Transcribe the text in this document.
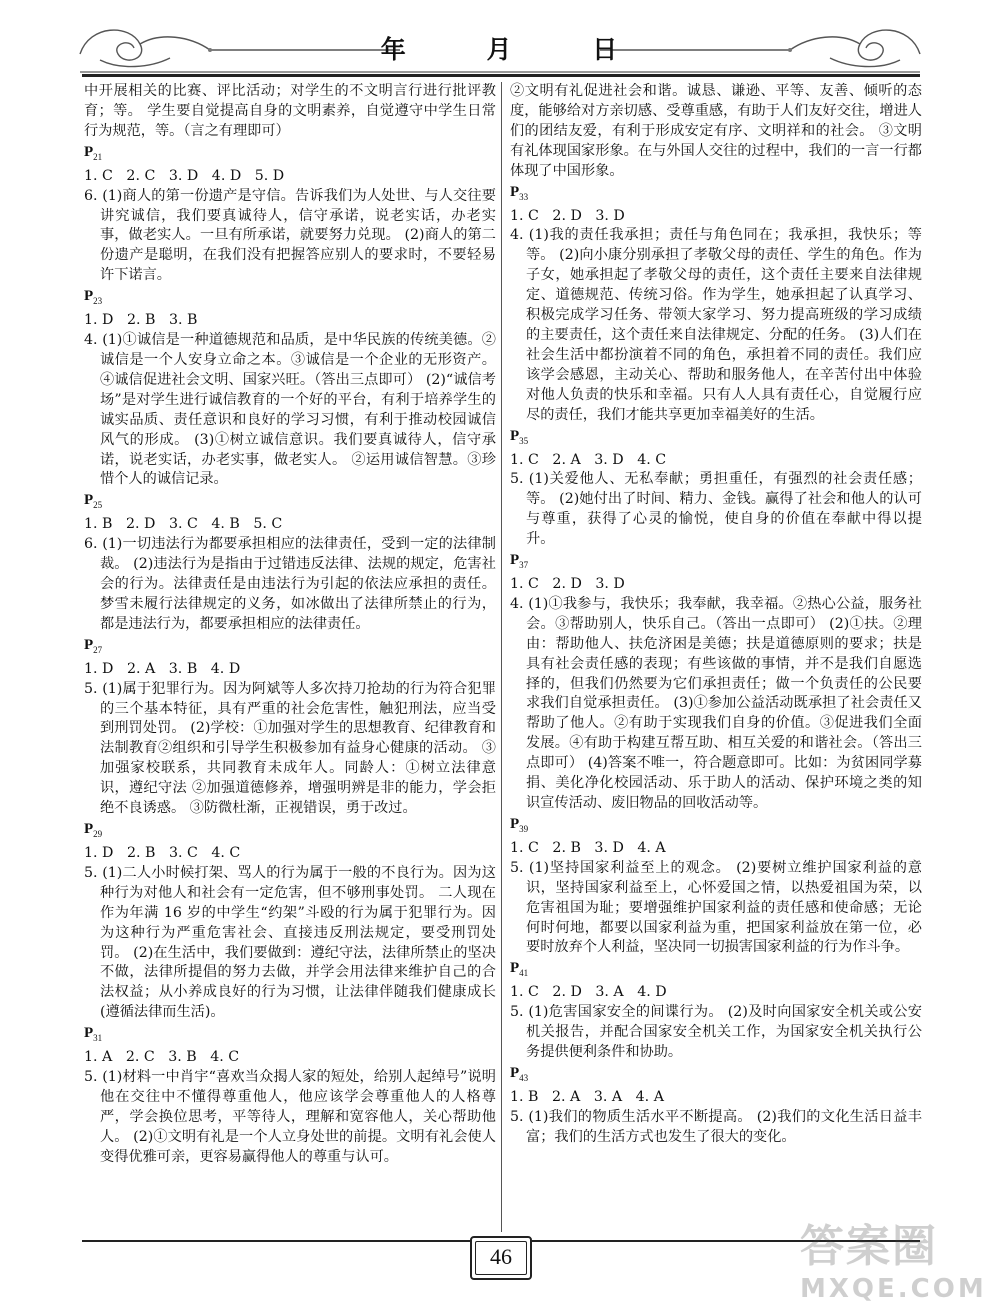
年	月	日

中开展相关的比赛、评比活动；对学生的不文明言行进行批评教育；等。 学生要自觉提高自身的文明素养，自觉遵守中学生日常行为规范，等。（言之有理即可）

$P_{21}$

1. C   2. C   3. D   4. D   5. D

6. (1)商人的第一份遗产是守信。告诉我们为人处世、与人交往要讲究诚信，我们要真诚待人，信守承诺，说老实话，办老实事，做老实人。一旦有所承诺，就要努力兑现。 (2)商人的第二份遗产是聪明，在我们没有把握答应别人的要求时，不要轻易许下诺言。

$P_{23}$

1. D   2. B   3. B

4. (1)①诚信是一种道德规范和品质，是中华民族的传统美德。②诚信是一个人安身立命之本。③诚信是一个企业的无形资产。 ④诚信促进社会文明、国家兴旺。（答出三点即可） (2)“诚信考场”是对学生进行诚信教育的一个好的平台，有利于培养学生的诚实品质、责任意识和良好的学习习惯，有利于推动校园诚信风气的形成。 (3)①树立诚信意识。我们要真诚待人，信守承诺，说老实话，办老实事，做老实人。 ②运用诚信智慧。③珍惜个人的诚信记录。

$P_{25}$

1. B   2. D   3. C   4. B   5. C

6. (1)一切违法行为都要承担相应的法律责任，受到一定的法律制裁。 (2)违法行为是指由于过错违反法律、法规的规定，危害社会的行为。法律责任是由违法行为引起的依法应承担的责任。梦雪未履行法律规定的义务，如冰做出了法律所禁止的行为，都是违法行为，都要承担相应的法律责任。

$P_{27}$

1. D   2. A   3. B   4. D

5. (1)属于犯罪行为。因为阿斌等人多次持刀抢劫的行为符合犯罪的三个基本特征，具有严重的社会危害性，触犯刑法，应当受到刑罚处罚。 (2)学校：①加强对学生的思想教育、纪律教育和法制教育②组织和引导学生积极参加有益身心健康的活动。 ③加强家校联系，共同教育未成年人。同龄人：①树立法律意识，遵纪守法 ②加强道德修养，增强明辨是非的能力，学会拒绝不良诱惑。 ③防微杜渐，正视错误，勇于改过。

$P_{29}$

1. D   2. B   3. C   4. C

5. (1)二人小时候打架、骂人的行为属于一般的不良行为。因为这种行为对他人和社会有一定危害，但不够刑事处罚。 二人现在作为年满 16 岁的中学生“约架”斗殴的行为属于犯罪行为。因为这种行为严重危害社会、直接违反刑法规定，要受刑罚处罚。 (2)在生活中，我们要做到：遵纪守法，法律所禁止的坚决不做，法律所提倡的努力去做，并学会用法律来维护自己的合法权益；从小养成良好的行为习惯，让法律伴随我们健康成长(遵循法律而生活)。

$P_{31}$

1. A   2. C   3. B   4. C

5. (1)材料一中肖宇“喜欢当众揭人家的短处，给别人起绰号”说明他在交往中不懂得尊重他人，他应该学会尊重他人的人格尊严，学会换位思考，平等待人，理解和宽容他人，关心帮助他人。 (2)①文明有礼是一个人立身处世的前提。文明有礼会使人变得优雅可亲，更容易赢得他人的尊重与认可。

②文明有礼促进社会和谐。诚恳、谦逊、平等、友善、倾听的态度，能够给对方亲切感、受尊重感，有助于人们友好交往，增进人们的团结友爱，有利于形成安定有序、文明祥和的社会。 ③文明有礼体现国家形象。在与外国人交往的过程中，我们的一言一行都体现了中国形象。

$P_{33}$

1. C   2. D   3. D

4. (1)我的责任我承担；责任与角色同在；我承担，我快乐；等等。 (2)向小康分别承担了孝敬父母的责任、学生的角色。作为子女，她承担起了孝敬父母的责任，这个责任主要来自法律规定、道德规范、传统习俗。作为学生，她承担起了认真学习、积极完成学习任务、带领大家学习、努力提高班级的学习成绩的主要责任，这个责任来自法律规定、分配的任务。 (3)人们在社会生活中都扮演着不同的角色，承担着不同的责任。我们应该学会感恩，主动关心、帮助和服务他人，在辛苦付出中体验对他人负责的快乐和幸福。只有人人具有责任心，自觉履行应尽的责任，我们才能共享更加幸福美好的生活。

$P_{35}$

1. C   2. A   3. D   4. C

5. (1)关爱他人、无私奉献；勇担重任，有强烈的社会责任感；等。 (2)她付出了时间、精力、金钱。赢得了社会和他人的认可与尊重，获得了心灵的愉悦，使自身的价值在奉献中得以提升。

$P_{37}$

1. C   2. D   3. D

4. (1)①我参与，我快乐；我奉献，我幸福。②热心公益，服务社会。③帮助别人，快乐自己。（答出一点即可） (2)①扶。②理由：帮助他人、扶危济困是美德；扶是道德原则的要求；扶是具有社会责任感的表现；有些该做的事情，并不是我们自愿选择的，但我们仍然要为它们承担责任；做一个负责任的公民要求我们自觉承担责任。 (3)①参加公益活动既承担了社会责任又帮助了他人。②有助于实现我们自身的价值。③促进我们全面发展。④有助于构建互帮互助、相互关爱的和谐社会。（答出三点即可） (4)答案不唯一，符合题意即可。比如：为贫困同学募捐、美化净化校园活动、乐于助人的活动、保护环境之类的知识宣传活动、废旧物品的回收活动等。

$P_{39}$

1. C   2. B   3. D   4. A

5. (1)坚持国家利益至上的观念。 (2)要树立维护国家利益的意识，坚持国家利益至上，心怀爱国之情，以热爱祖国为荣，以危害祖国为耻；要增强维护国家利益的责任感和使命感；无论何时何地，都要以国家利益为重，把国家利益放在第一位，必要时放弃个人利益，坚决同一切损害国家利益的行为作斗争。

$P_{41}$

1. C   2. D   3. A   4. D

5. (1)危害国家安全的间谍行为。 (2)及时向国家安全机关或公安机关报告，并配合国家安全机关工作，为国家安全机关执行公务提供便利条件和协助。

$P_{43}$

1. B   2. A   3. A   4. A

5. (1)我们的物质生活水平不断提高。 (2)我们的文化生活日益丰富；我们的生活方式也发生了很大的变化。

46	答案圈
MXQE.COM
